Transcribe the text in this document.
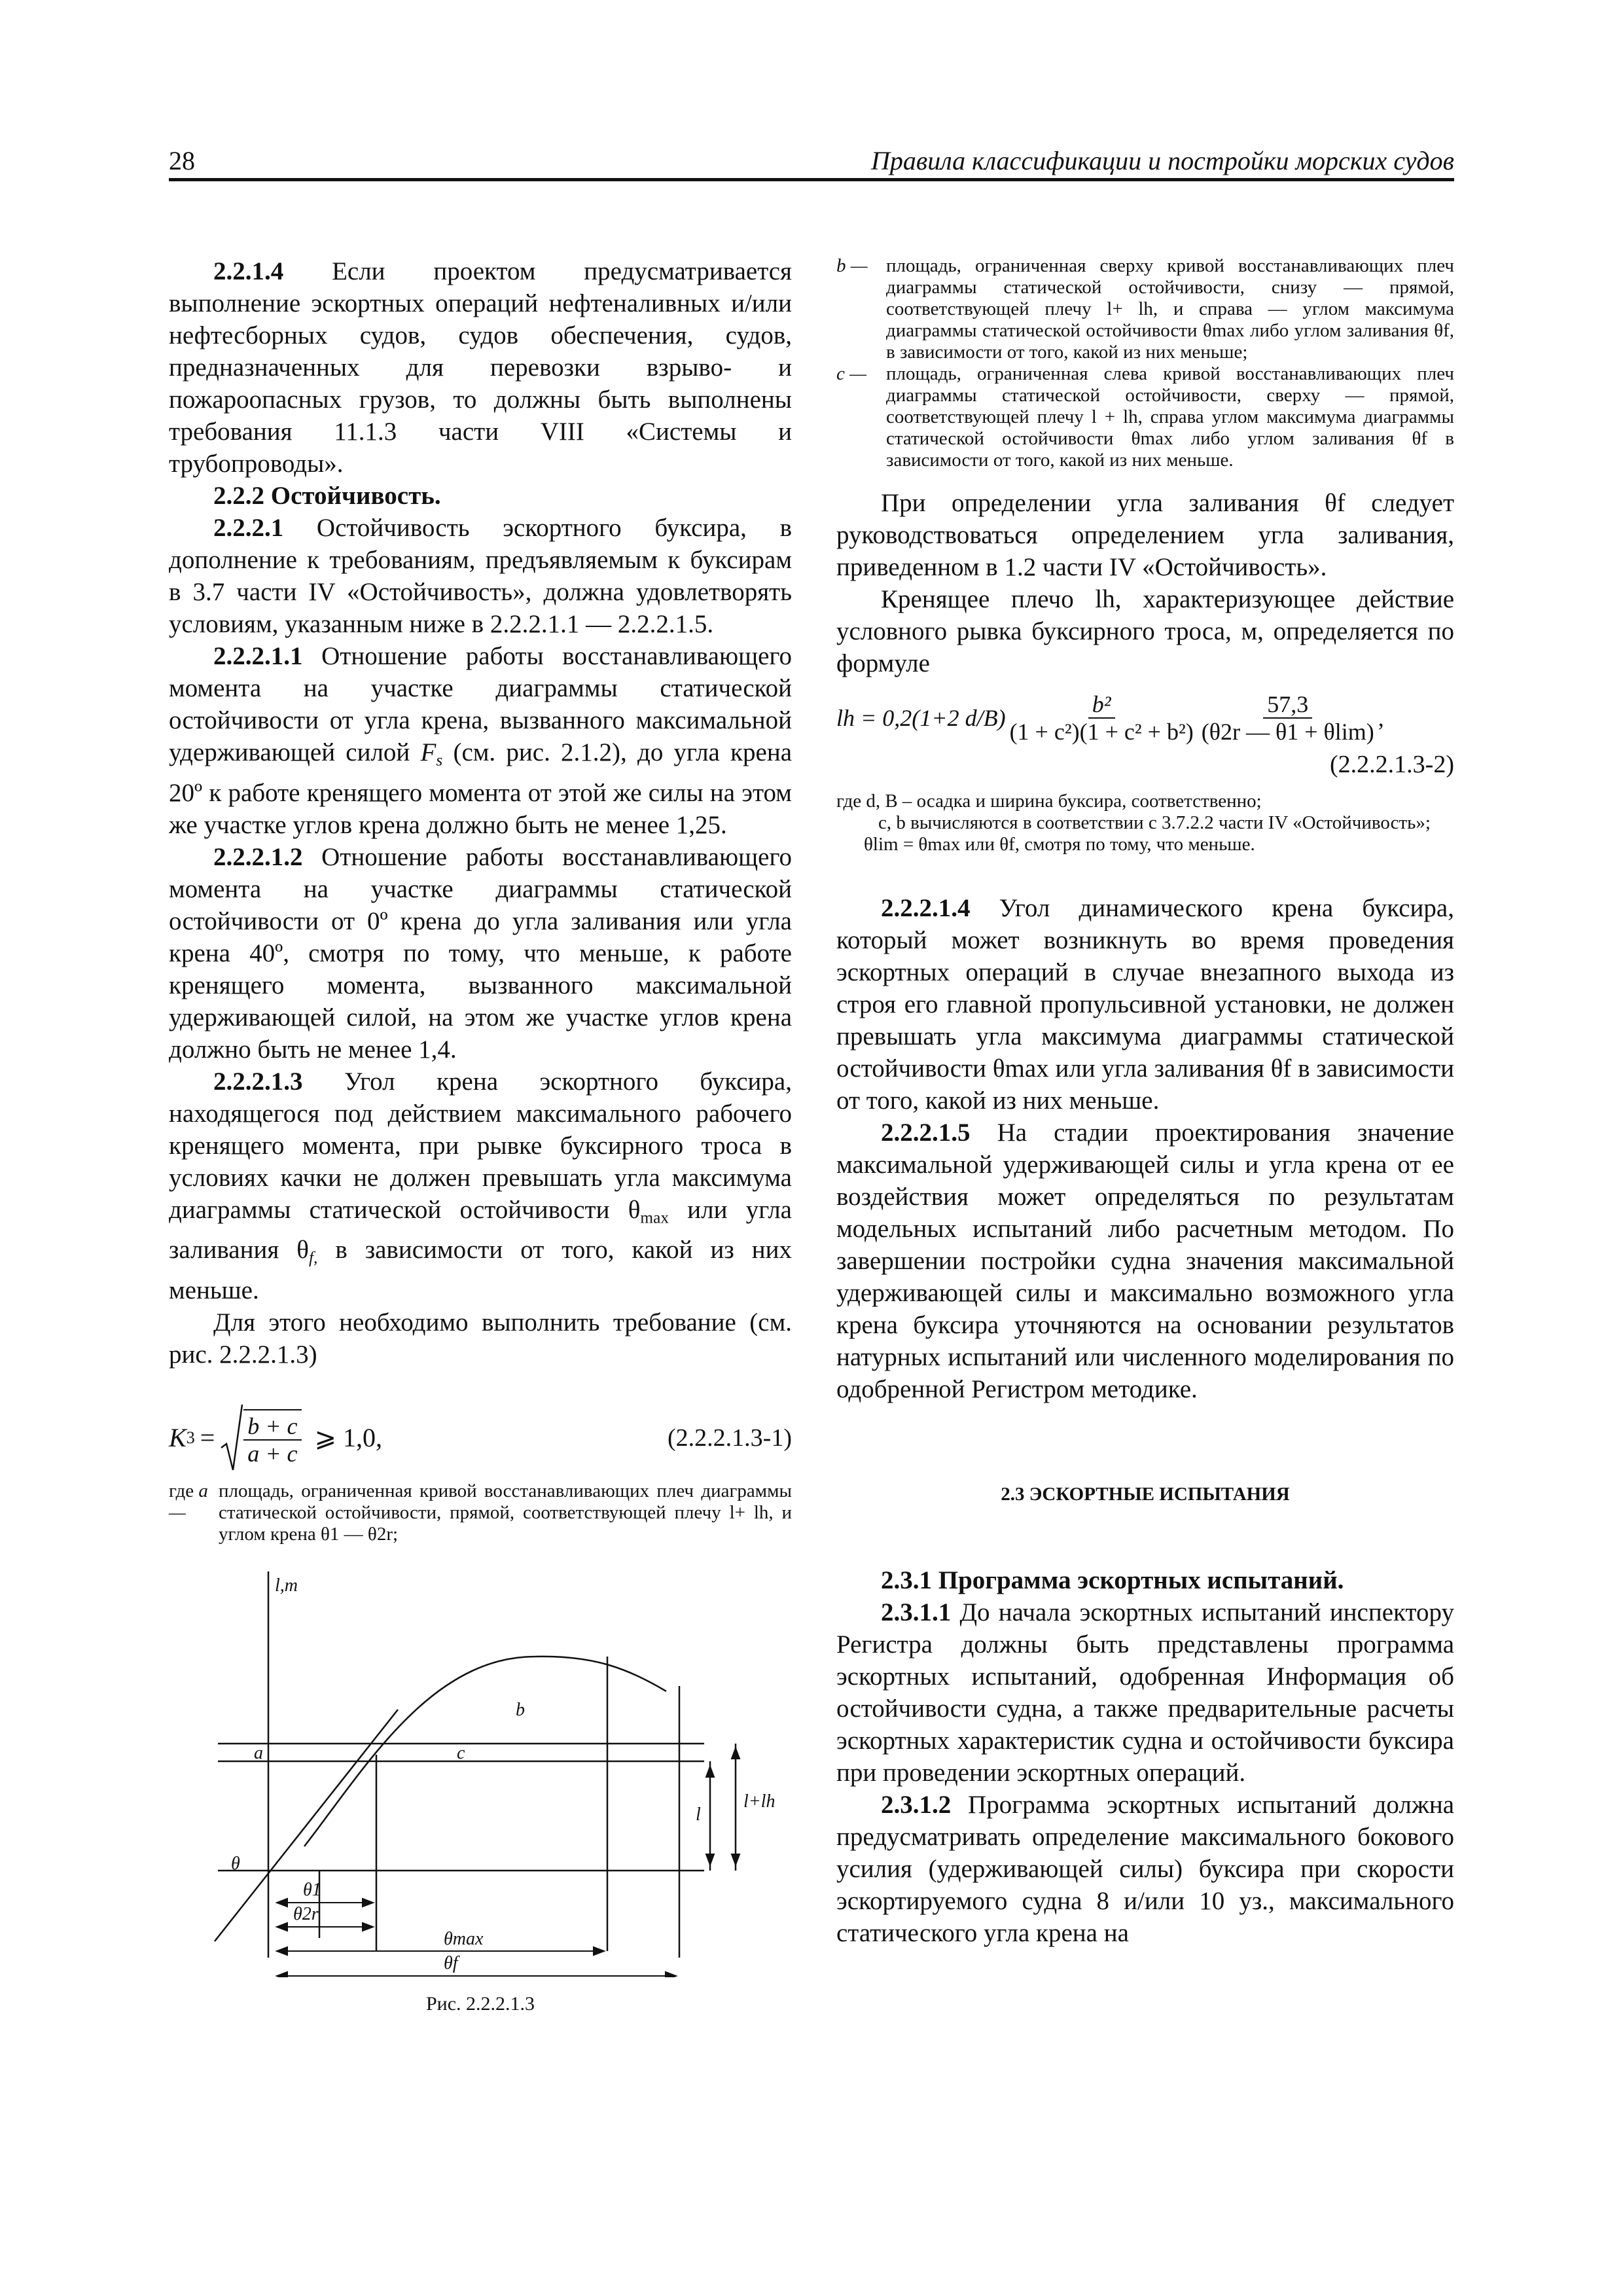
28	Правила классификации и постройки морских судов

2.2.1.4 Если проектом предусматривается выполнение эскортных операций нефтеналивных и/или нефтесборных судов, судов обеспечения, судов, предназначенных для перевозки взрыво- и пожароопасных грузов, то должны быть выполнены требования 11.1.3 части VIII «Системы и трубопроводы».

2.2.2 Остойчивость.

2.2.2.1 Остойчивость эскортного буксира, в дополнение к требованиям, предъявляемым к буксирам в 3.7 части IV «Остойчивость», должна удовлетворять условиям, указанным ниже в 2.2.2.1.1 — 2.2.2.1.5.

2.2.2.1.1 Отношение работы восстанавливающего момента на участке диаграммы статической остойчивости от угла крена, вызванного максимальной удерживающей силой $F_s$ (см. рис. 2.1.2), до угла крена 20º к работе кренящего момента от этой же силы на этом же участке углов крена должно быть не менее 1,25.

2.2.2.1.2 Отношение работы восстанавливающего момента на участке диаграммы статической остойчивости от 0º крена до угла заливания или угла крена 40º, смотря по тому, что меньше, к работе кренящего момента, вызванного максимальной удерживающей силой, на этом же участке углов крена должно быть не менее 1,4.

2.2.2.1.3 Угол крена эскортного буксира, находящегося под действием максимального рабочего кренящего момента, при рывке буксирного троса в условиях качки не должен превышать угла максимума диаграммы статической остойчивости $\theta_{max}$ или угла заливания $\theta_{f,}$ в зависимости от того, какой из них меньше.

Для этого необходимо выполнить требование (см. рис. 2.2.2.1.3)

K $3 = \frac{b + c}{a + c}$ ⩾ 1,0,	(2.2.2.1.3-1)
где a —
площадь, ограниченная кривой восстанавливающих плеч диаграммы статической остойчивости, прямой, соответствующей плечу l+ lh, и углом крена θ1 — θ2r;
l,m
b
a	c
θ
θ1
θ2r
θmax
θf
l
l+lh
Рис. 2.2.2.1.3
b — площадь, ограниченная сверху кривой восстанавливающих плеч диаграммы статической остойчивости, снизу — прямой, соответствующей плечу l+ lh, и справа — углом максимума диаграммы статической остойчивости θmax либо углом заливания θf, в зависимости от того, какой из них меньше;
c —	площадь, ограниченная слева кривой восстанавливающих плеч диаграммы статической остойчивости, сверху — прямой, соответствующей плечу l + lh, справа углом максимума диаграммы статической остойчивости θmax либо углом заливания θf в зависимости от того, какой из них меньше.

При определении угла заливания θf следует руководствоваться определением угла заливания, приведенном в 1.2 части IV «Остойчивость».

Кренящее плечо lh, характеризующее действие условного рывка буксирного троса, м, определяется по формуле

lh = 0,2(1+2 $d/B) \frac{\text{b²}}{\text{(1 + c²)(1 + c² + b²)}} \frac{57,3}{(\theta 2r — \theta 1 + \theta\lim)}$ ,
(2.2.2.1.3-2)

где d, B – осадка и ширина буксира, соответственно;

c, b вычисляются в соответствии с 3.7.2.2 части IV «Остойчивость»;

θlim = θmax или θf, смотря по тому, что меньше.

2.2.2.1.4 Угол динамического крена буксира, который может возникнуть во время проведения эскортных операций в случае внезапного выхода из строя его главной пропульсивной установки, не должен превышать угла максимума диаграммы статической остойчивости θmax или угла заливания θf в зависимости от того, какой из них меньше.

2.2.2.1.5 На стадии проектирования значение максимальной удерживающей силы и угла крена от ее воздействия может определяться по результатам модельных испытаний либо расчетным методом. По завершении постройки судна значения максимальной удерживающей силы и максимально возможного угла крена буксира уточняются на основании результатов натурных испытаний или численного моделирования по одобренной Регистром методике.

2.3 ЭСКОРТНЫЕ ИСПЫТАНИЯ

2.3.1 Программа эскортных испытаний.

2.3.1.1 До начала эскортных испытаний инспектору Регистра должны быть представлены программа эскортных испытаний, одобренная Информация об остойчивости судна, а также предварительные расчеты эскортных характеристик судна и остойчивости буксира при проведении эскортных операций.

2.3.1.2 Программа эскортных испытаний должна предусматривать определение максимального бокового усилия (удерживающей силы) буксира при скорости эскортируемого судна 8 и/или 10 уз., максимального статического угла крена на
